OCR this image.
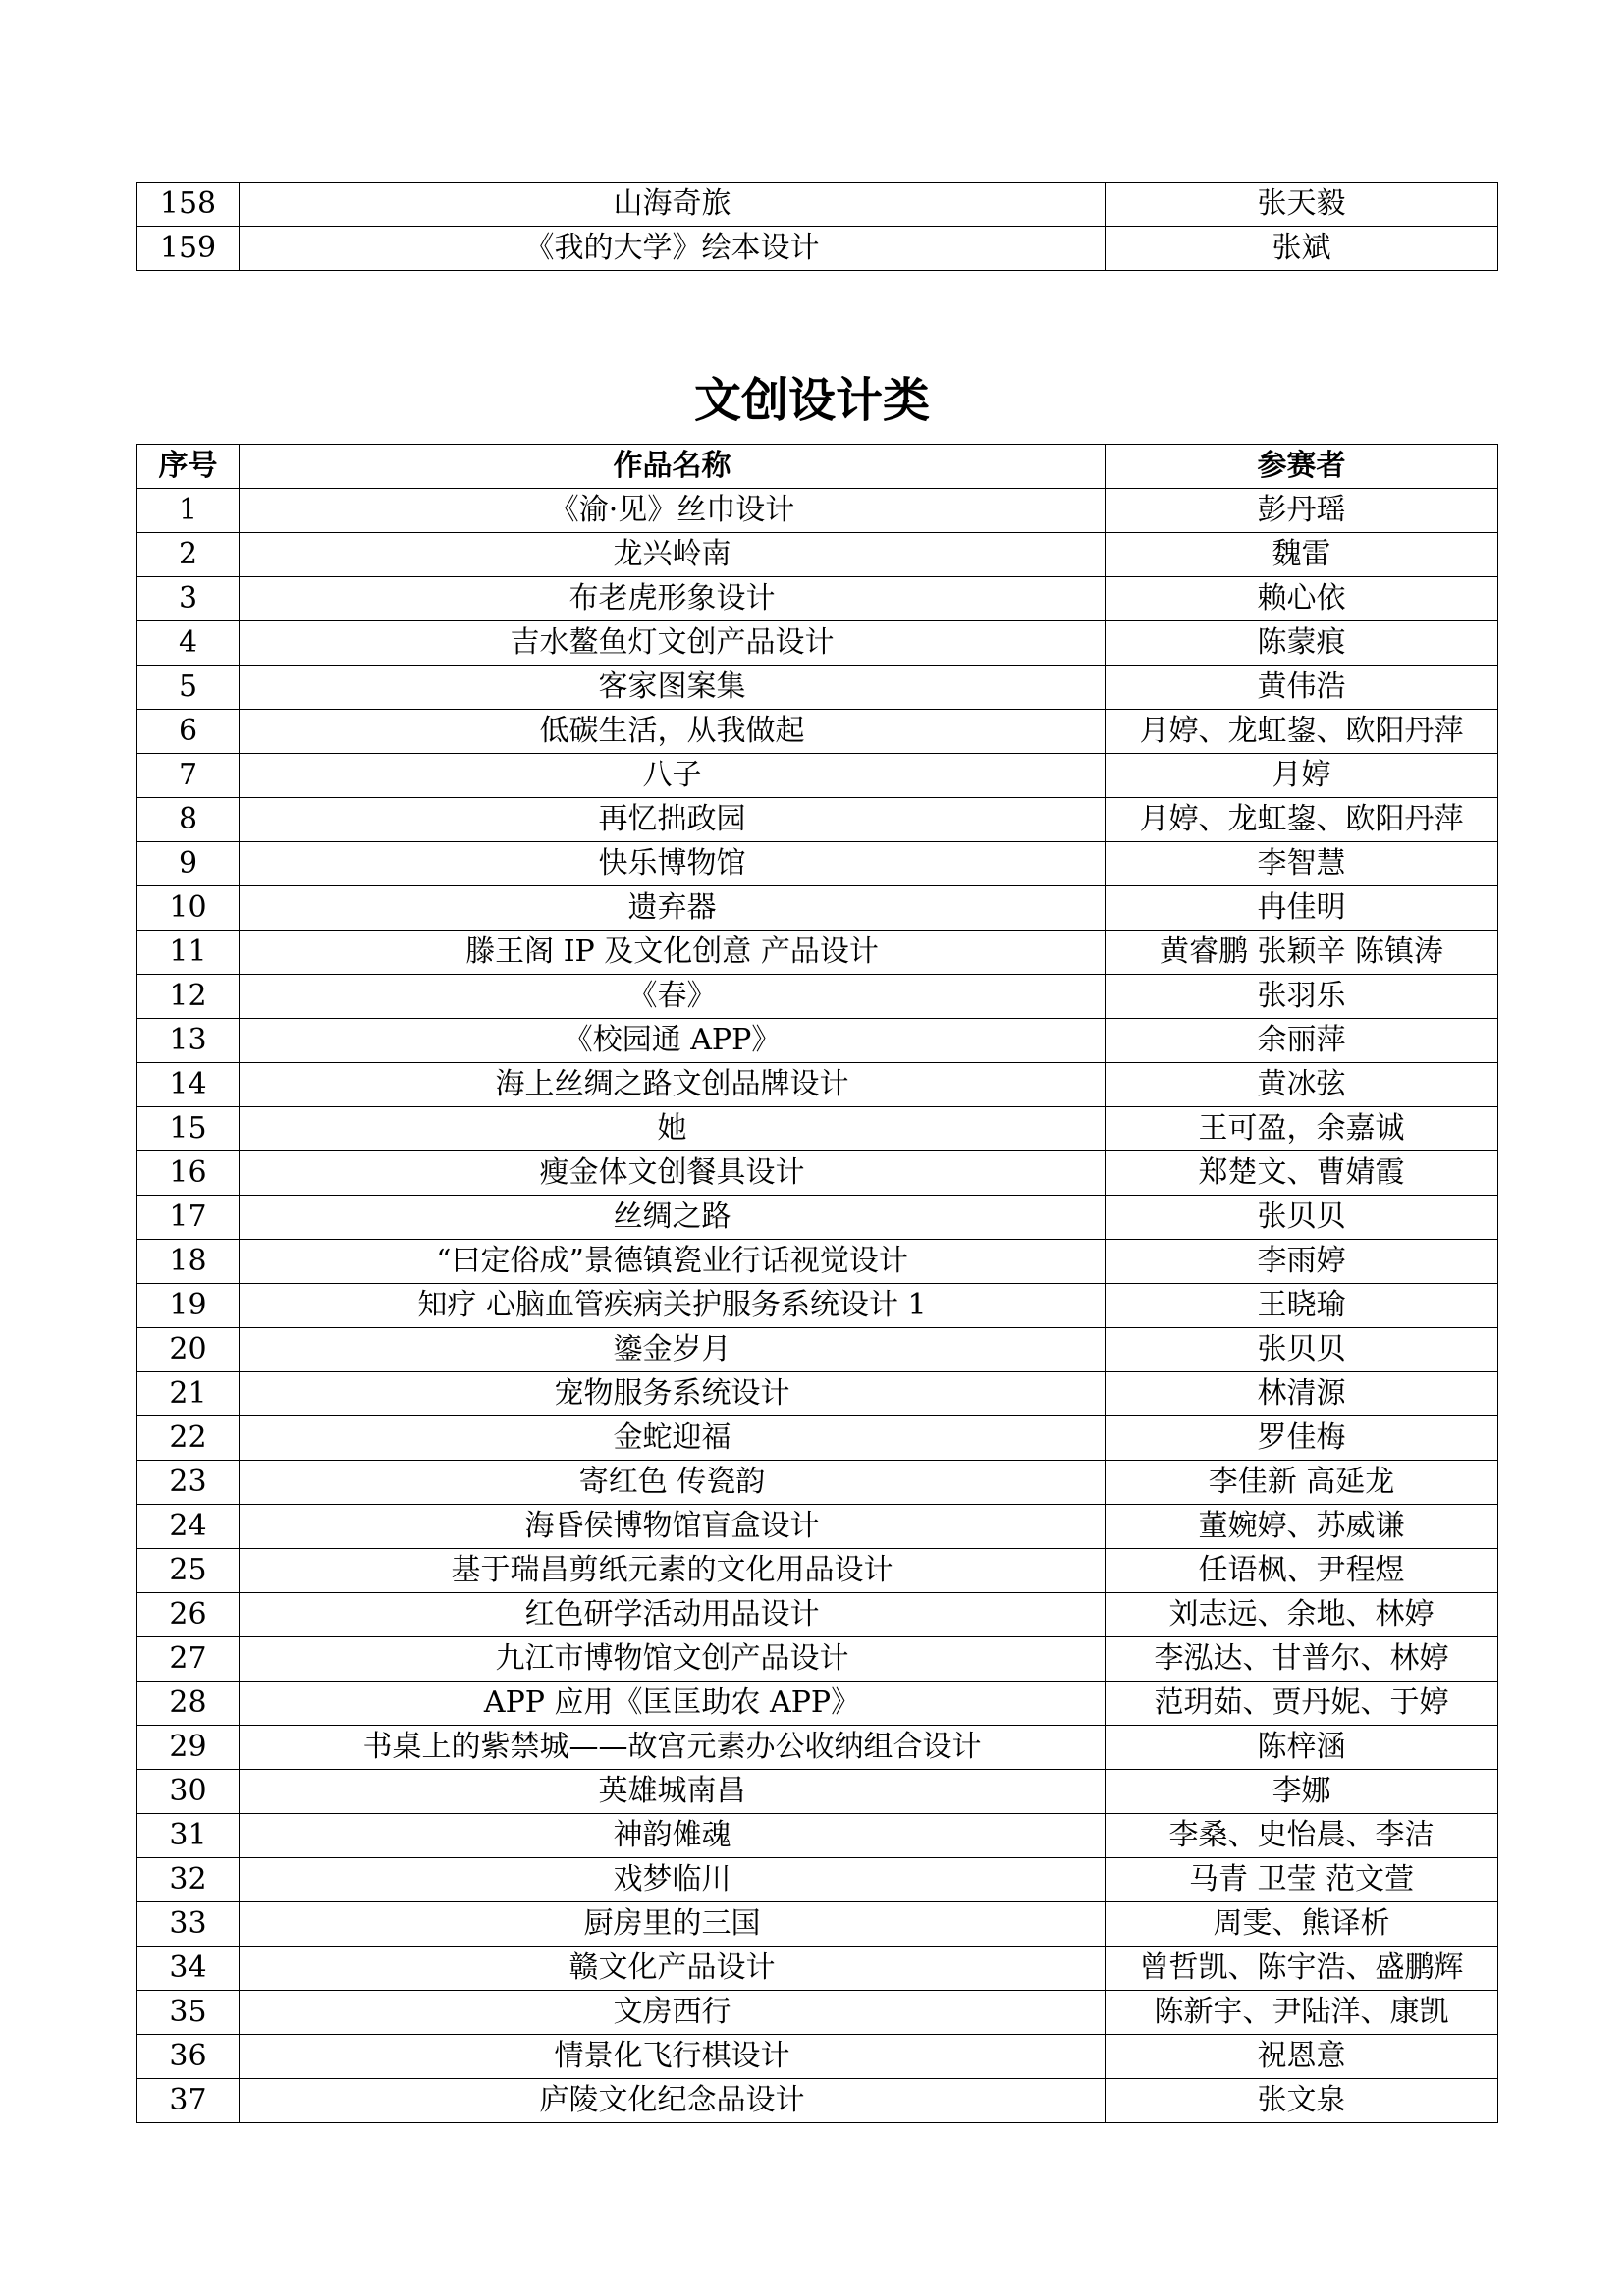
158	山海奇旅	张天毅
159	《我的大学》绘本设计	张斌
文创设计类
序号	作品名称	参赛者
1	《渝·见》丝巾设计	彭丹瑶
2	龙兴岭南	魏雷
3	布老虎形象设计	赖心依
4	吉水鳌鱼灯文创产品设计	陈蒙痕
5	客家图案集	黄伟浩
6	低碳生活，从我做起	月婷、龙虹鋆、欧阳丹萍
7	八子	月婷
8	再忆拙政园	月婷、龙虹鋆、欧阳丹萍
9	快乐博物馆	李智慧
10	遗弃器	冉佳明
11	滕王阁 IP 及文化创意 产品设计	黄睿鹏 张颖辛 陈镇涛
12	《春》	张羽乐
13	《校园通 APP》	余丽萍
14	海上丝绸之路文创品牌设计	黄冰弦
15	她	王可盈，余嘉诚
16	瘦金体文创餐具设计	郑楚文、曹婧霞
17	丝绸之路	张贝贝
18	“曰定俗成”景德镇瓷业行话视觉设计	李雨婷
19	知疗 心脑血管疾病关护服务系统设计 1	王晓瑜
20	鎏金岁月	张贝贝
21	宠物服务系统设计	林清源
22	金蛇迎福	罗佳梅
23	寄红色 传瓷韵	李佳新 高延龙
24	海昏侯博物馆盲盒设计	董婉婷、苏威谦
25	基于瑞昌剪纸元素的文化用品设计	任语枫、尹程煜
26	红色研学活动用品设计	刘志远、余地、林婷
27	九江市博物馆文创产品设计	李泓达、甘普尔、林婷
28	APP 应用《匡匡助农 APP》	范玥茹、贾丹妮、于婷
29	书桌上的紫禁城——故宫元素办公收纳组合设计	陈梓涵
30	英雄城南昌	李娜
31	神韵傩魂	李桑、史怡晨、李洁
32	戏梦临川	马青 卫莹 范文萱
33	厨房里的三国	周雯、熊译析
34	赣文化产品设计	曾哲凯、陈宇浩、盛鹏辉
35	文房西行	陈新宇、尹陆洋、康凯
36	情景化飞行棋设计	祝恩意
37	庐陵文化纪念品设计	张文泉
